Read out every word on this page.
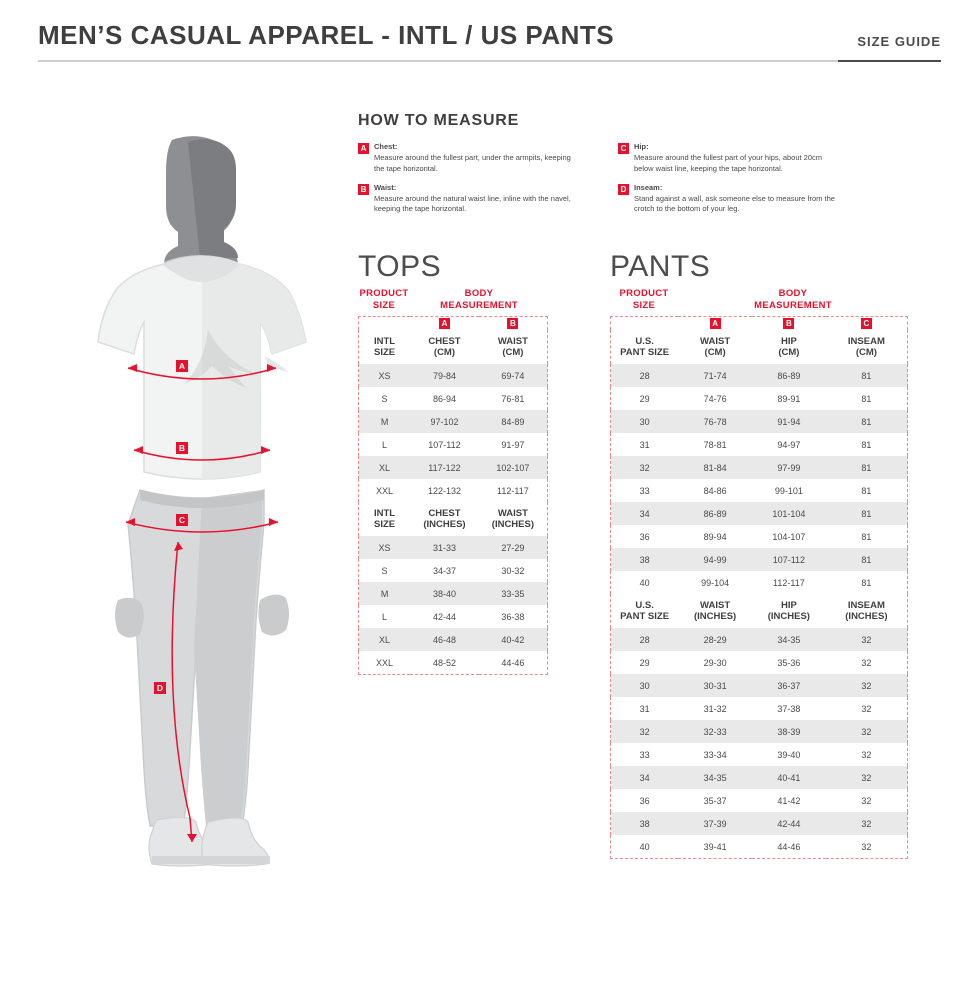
MEN’S CASUAL APPAREL - INTL / US PANTS	SIZE GUIDE
A
B
C
D
HOW TO MEASURE
A	Chest:
Measure around the fullest part, under the armpits, keeping the tape horizontal.
B	Waist:
Measure around the natural waist line, inline with the navel, keeping the tape horizontal.
C	Hip:
Measure around the fullest part of your hips, about 20cm below waist line, keeping the tape horizontal.
D	Inseam:
Stand against a wall, ask someone else to measure from the crotch to the bottom of your leg.
TOPS
PRODUCT
SIZE
BODY
MEASUREMENT
	A	B

INTL
SIZE

CHEST
(CM)

WAIST
(CM)

XS	79-84	69-74
S	86-94	76-81
M	97-102	84-89
L	107-112	91-97
XL	117-122	102-107
XXL	122-132	112-117

INTL
SIZE

CHEST
(INCHES)

WAIST
(INCHES)

XS	31-33	27-29
S	34-37	30-32
M	38-40	33-35
L	42-44	36-38
XL	46-48	40-42
XXL	48-52	44-46
PANTS
PRODUCT
SIZE
BODY
MEASUREMENT
	A	B	C

U.S.
PANT SIZE

WAIST
(CM)

HIP
(CM)

INSEAM
(CM)

28	71-74	86-89	81
29	74-76	89-91	81
30	76-78	91-94	81
31	78-81	94-97	81
32	81-84	97-99	81
33	84-86	99-101	81
34	86-89	101-104	81
36	89-94	104-107	81
38	94-99	107-112	81
40	99-104	112-117	81

U.S.
PANT SIZE

WAIST
(INCHES)

HIP
(INCHES)

INSEAM
(INCHES)

28	28-29	34-35	32
29	29-30	35-36	32
30	30-31	36-37	32
31	31-32	37-38	32
32	32-33	38-39	32
33	33-34	39-40	32
34	34-35	40-41	32
36	35-37	41-42	32
38	37-39	42-44	32
40	39-41	44-46	32
